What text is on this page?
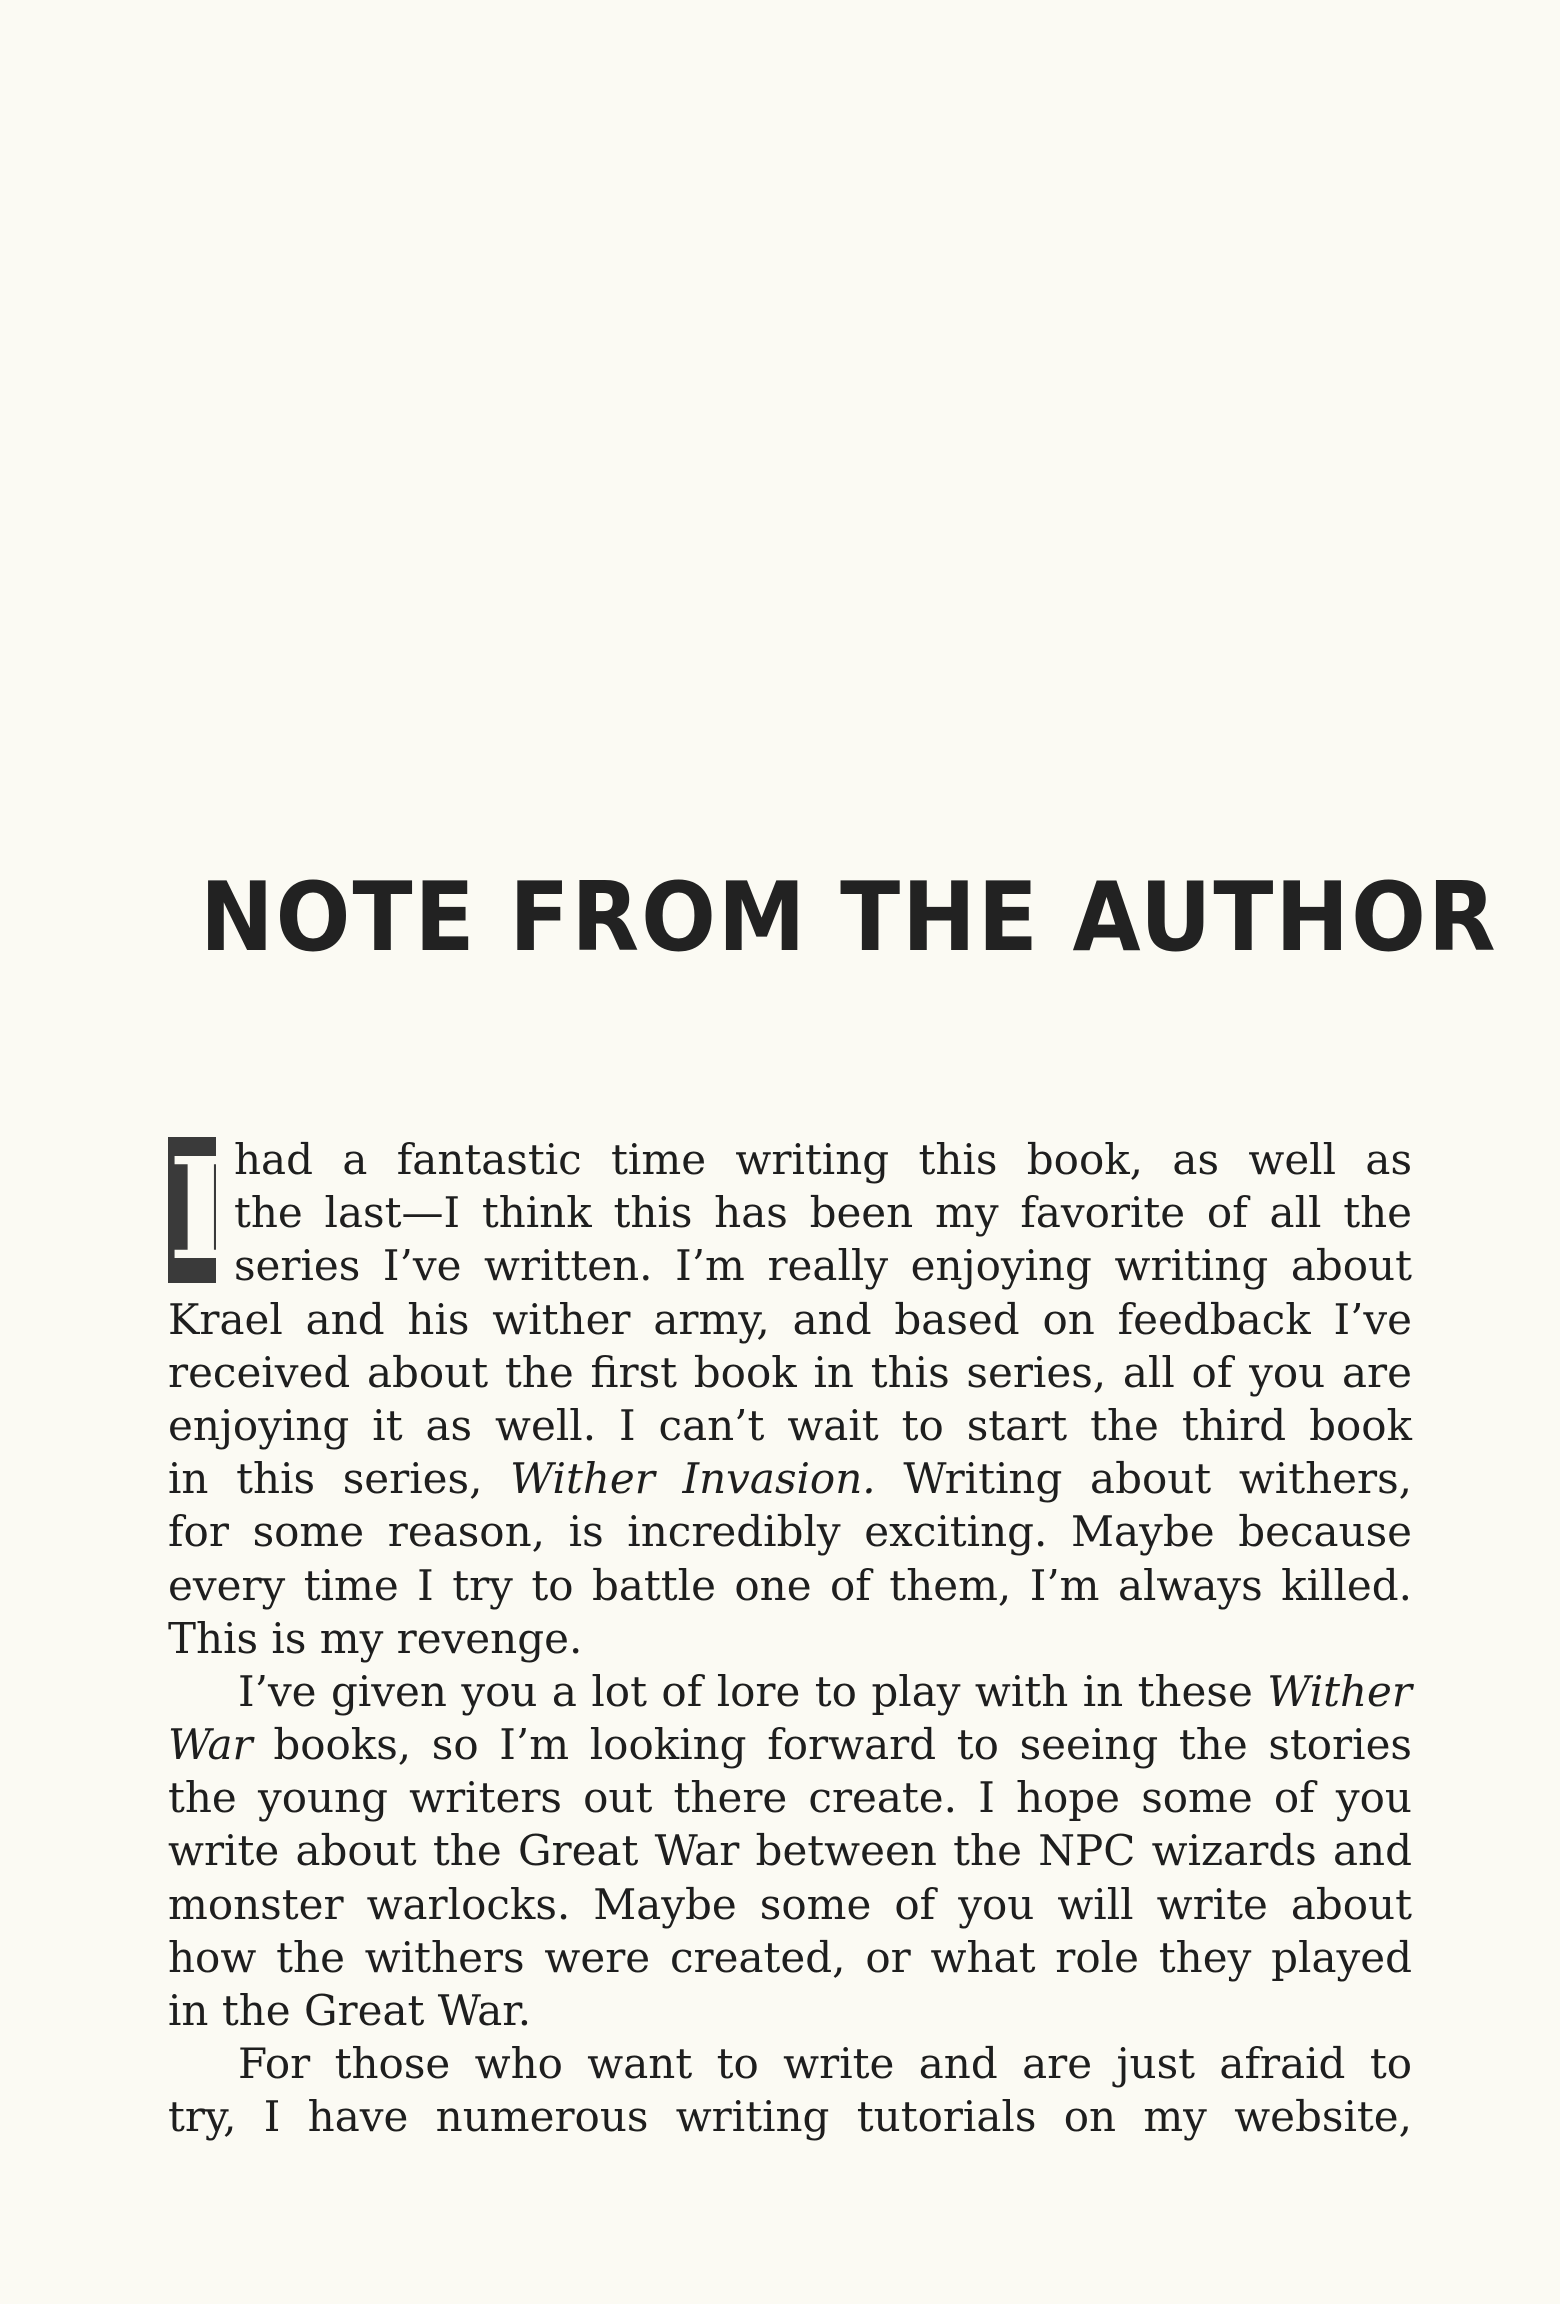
NOTE FROM THE AUTHOR
I had a fantastic time writing this book, as well as
the last—I think this has been my favorite of all the
series I’ve written. I’m really enjoying writing about
Krael and his wither army, and based on feedback I’ve
received about the first book in this series, all of you are
enjoying it as well. I can’t wait to start the third book
in this series, Wither Invasion. Writing about withers,
for some reason, is incredibly exciting. Maybe because
every time I try to battle one of them, I’m always killed.
This is my revenge.
I’ve given you a lot of lore to play with in these Wither
War books, so I’m looking forward to seeing the stories
the young writers out there create. I hope some of you
write about the Great War between the NPC wizards and
monster warlocks. Maybe some of you will write about
how the withers were created, or what role they played
in the Great War.
For those who want to write and are just afraid to
try, I have numerous writing tutorials on my website,
